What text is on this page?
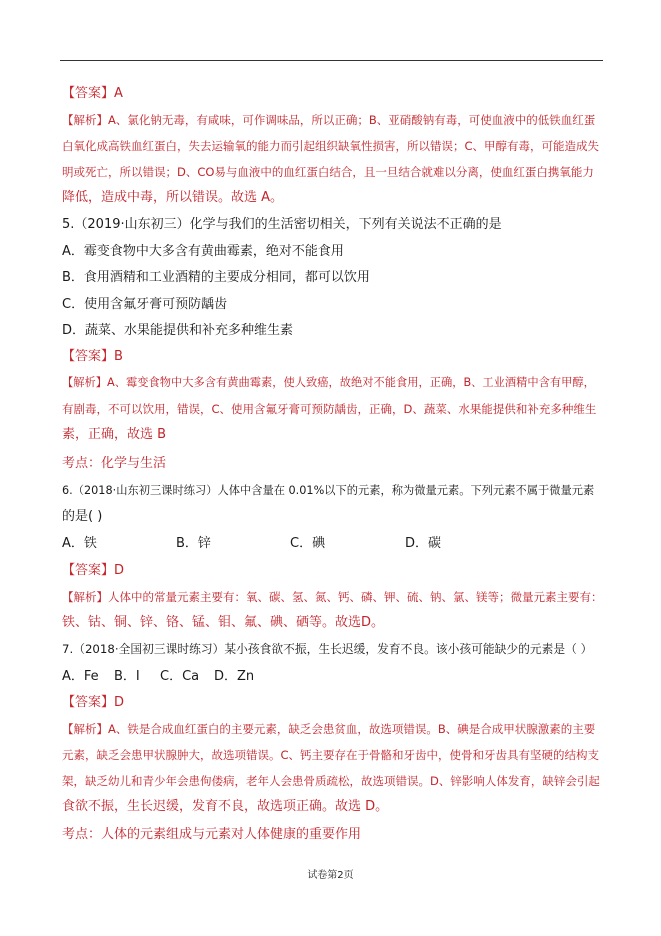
【答案】A
【解析】A、氯化钠无毒，有咸味，可作调味品，所以正确；B、亚硝酸钠有毒，可使血液中的低铁血红蛋
白氧化成高铁血红蛋白，失去运输氧的能力而引起组织缺氧性损害，所以错误；C、甲醇有毒，可能造成失
明或死亡，所以错误；D、CO易与血液中的血红蛋白结合，且一旦结合就难以分离，使血红蛋白携氧能力
降低，造成中毒，所以错误。故选 A。
5.（2019·山东初三）化学与我们的生活密切相关，下列有关说法不正确的是
A．霉变食物中大多含有黄曲霉素，绝对不能食用
B．食用酒精和工业酒精的主要成分相同，都可以饮用
C．使用含氟牙膏可预防龋齿
D．蔬菜、水果能提供和补充多种维生素
【答案】B
【解析】A、霉变食物中大多含有黄曲霉素，使人致癌，故绝对不能食用，正确，B、工业酒精中含有甲醇，
有剧毒，不可以饮用，错误，C、使用含氟牙膏可预防龋齿，正确，D、蔬菜、水果能提供和补充多种维生
素，正确，故选 B
考点：化学与生活
6.（2018·山东初三课时练习）人体中含量在 0.01%以下的元素，称为微量元素。下列元素不属于微量元素
的是( )
A．铁	B．锌	C．碘	D．碳
【答案】D
【解析】人体中的常量元素主要有：氧、碳、氢、氮、钙、磷、钾、硫、钠、氯、镁等；微量元素主要有：
铁、钴、铜、锌、铬、锰、钼、氟、碘、硒等。故选D。
7.（2018·全国初三课时练习）某小孩食欲不振，生长迟缓，发育不良。该小孩可能缺少的元素是（ ）
A．Fe B．I C．Ca D．Zn
【答案】D
【解析】A、铁是合成血红蛋白的主要元素，缺乏会患贫血，故选项错误。B、碘是合成甲状腺激素的主要
元素，缺乏会患甲状腺肿大，故选项错误。C、钙主要存在于骨骼和牙齿中，使骨和牙齿具有坚硬的结构支
架，缺乏幼儿和青少年会患佝偻病，老年人会患骨质疏松，故选项错误。D、锌影响人体发育，缺锌会引起
食欲不振，生长迟缓，发育不良，故选项正确。故选 D。
考点：人体的元素组成与元素对人体健康的重要作用
试卷第2页
